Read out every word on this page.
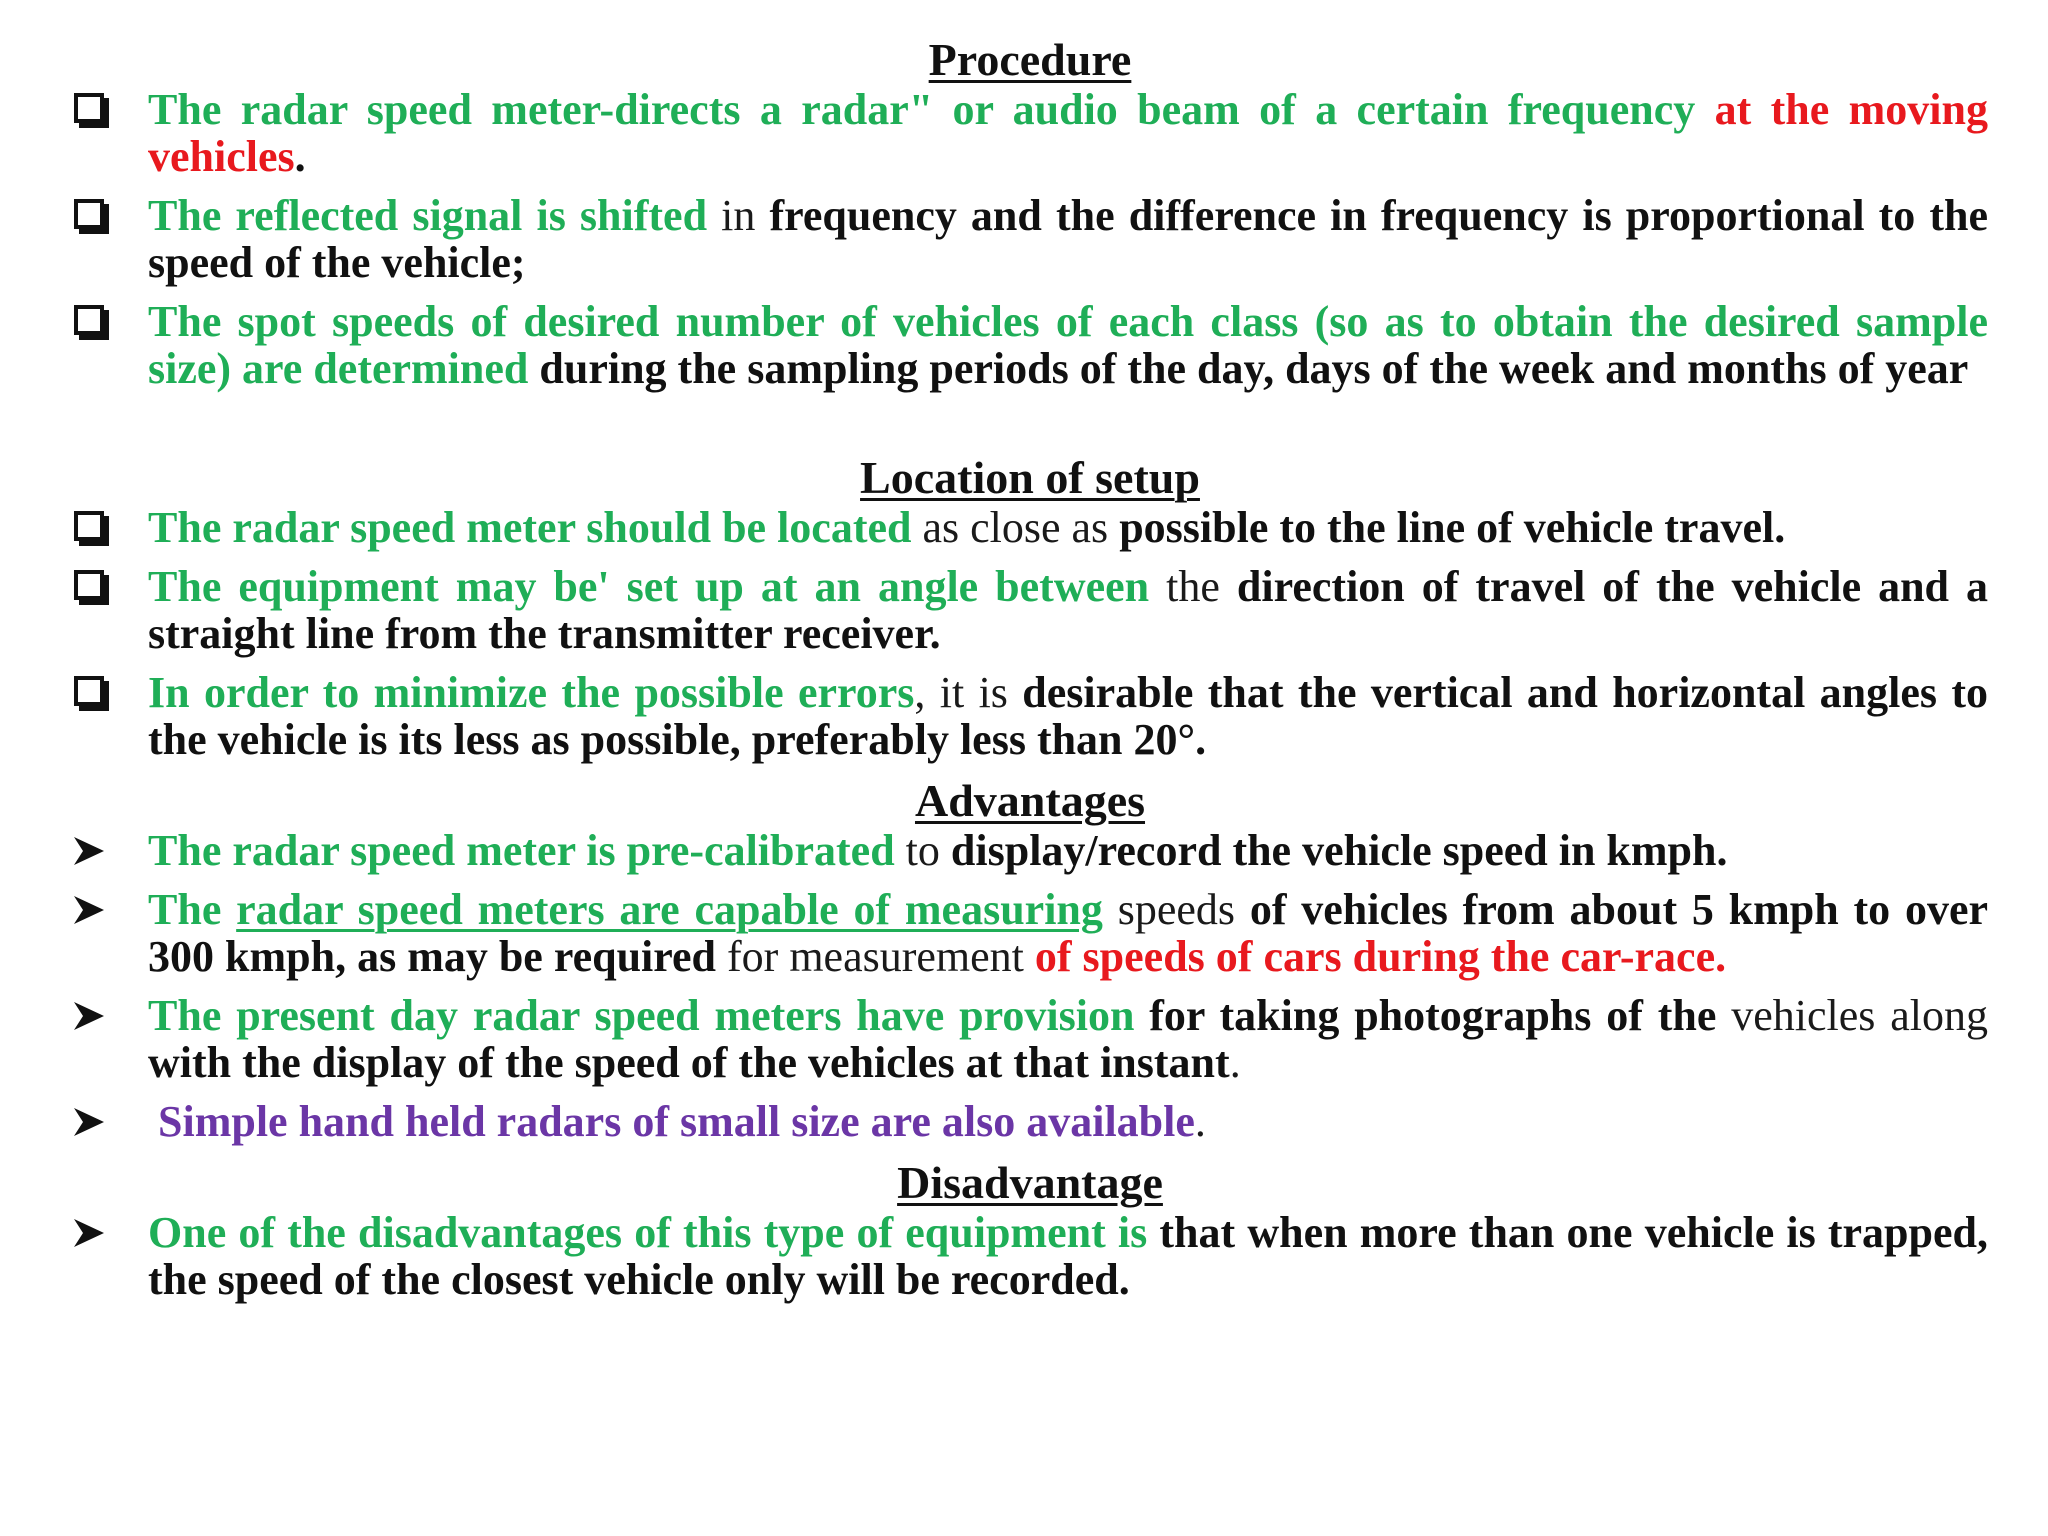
Procedure

The radar speed meter-directs a radar" or audio beam of a certain frequency at the moving vehicles.

The reflected signal is shifted in frequency and the difference in frequency is proportional to the speed of the vehicle;

The spot speeds of desired number of vehicles of each class (so as to obtain the desired sample size) are determined during the sampling periods of the day, days of the week and months of year

Location of setup

The radar speed meter should be located as close as possible to the line of vehicle travel.

The equipment may be' set up at an angle between the direction of travel of the vehicle and a straight line from the transmitter receiver.

In order to minimize the possible errors, it is desirable that the vertical and horizontal angles to the vehicle is its less as possible, preferably less than 20°.

Advantages

The radar speed meter is pre-calibrated to display/record the vehicle speed in kmph.

The radar speed meters are capable of measuring speeds of vehicles from about 5 kmph to over 300 kmph, as may be required for measurement of speeds of cars during the car-race.

The present day radar speed meters have provision for taking photographs of the vehicles along with the display of the speed of the vehicles at that instant.

Simple hand held radars of small size are also available.

Disadvantage

One of the disadvantages of this type of equipment is that when more than one vehicle is trapped, the speed of the closest vehicle only will be recorded.
